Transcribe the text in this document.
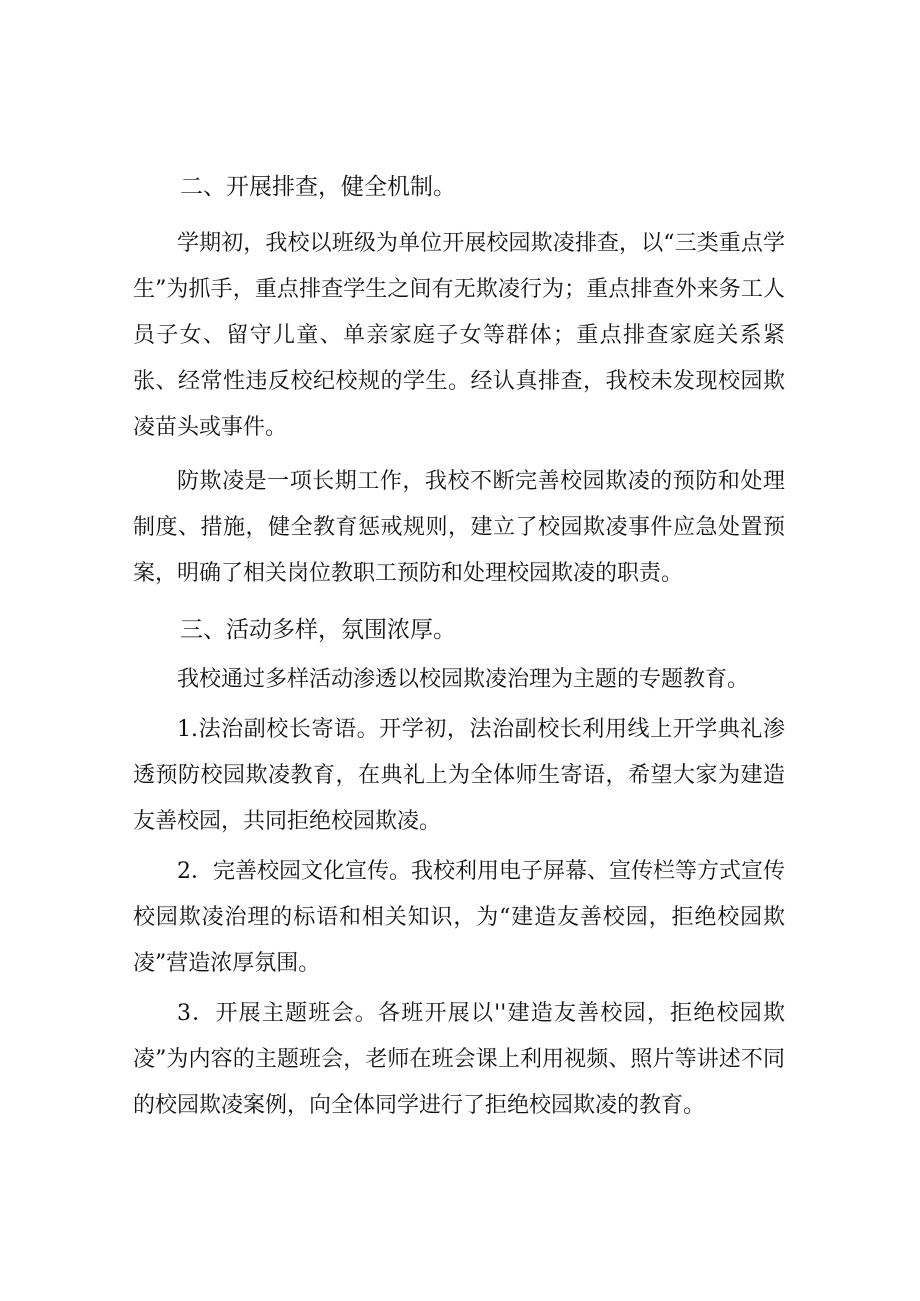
二、开展排查，健全机制。

学期初，我校以班级为单位开展校园欺凌排查，以“三类重点学生”为抓手，重点排查学生之间有无欺凌行为；重点排查外来务工人员子女、留守儿童、单亲家庭子女等群体；重点排查家庭关系紧张、经常性违反校纪校规的学生。经认真排查，我校未发现校园欺凌苗头或事件。

防欺凌是一项长期工作，我校不断完善校园欺凌的预防和处理制度、措施，健全教育惩戒规则，建立了校园欺凌事件应急处置预案，明确了相关岗位教职工预防和处理校园欺凌的职责。

三、活动多样，氛围浓厚。

我校通过多样活动渗透以校园欺凌治理为主题的专题教育。

1.法治副校长寄语。开学初，法治副校长利用线上开学典礼渗透预防校园欺凌教育，在典礼上为全体师生寄语，希望大家为建造友善校园，共同拒绝校园欺凌。

2．完善校园文化宣传。我校利用电子屏幕、宣传栏等方式宣传校园欺凌治理的标语和相关知识，为“建造友善校园，拒绝校园欺凌”营造浓厚氛围。

3．开展主题班会。各班开展以''建造友善校园，拒绝校园欺凌”为内容的主题班会，老师在班会课上利用视频、照片等讲述不同的校园欺凌案例，向全体同学进行了拒绝校园欺凌的教育。
